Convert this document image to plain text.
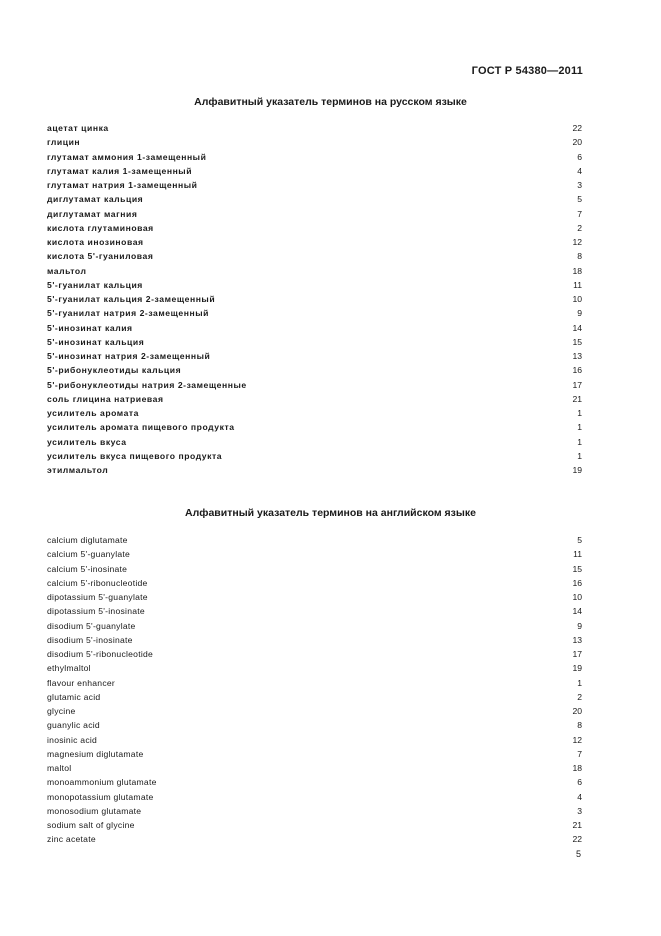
ГОСТ Р 54380—2011
Алфавитный указатель терминов на русском языке
ацетат цинка	22
глицин	20
глутамат аммония 1-замещенный	6
глутамат калия 1-замещенный	4
глутамат натрия 1-замещенный	3
диглутамат кальция	5
диглутамат магния	7
кислота глутаминовая	2
кислота инозиновая	12
кислота 5'-гуаниловая	8
мальтол	18
5'-гуанилат кальция	11
5'-гуанилат кальция 2-замещенный	10
5'-гуанилат натрия 2-замещенный	9
5'-инозинат калия	14
5'-инозинат кальция	15
5'-инозинат натрия 2-замещенный	13
5'-рибонуклеотиды кальция	16
5'-рибонуклеотиды натрия 2-замещенные	17
соль глицина натриевая	21
усилитель аромата	1
усилитель аромата пищевого продукта	1
усилитель вкуса	1
усилитель вкуса пищевого продукта	1
этилмальтол	19
Алфавитный указатель терминов на английском языке
calcium diglutamate	5
calcium 5'-guanylate	11
calcium 5'-inosinate	15
calcium 5'-ribonucleotide	16
dipotassium 5'-guanylate	10
dipotassium 5'-inosinate	14
disodium 5'-guanylate	9
disodium 5'-inosinate	13
disodium 5'-ribonucleotide	17
ethylmaltol	19
flavour enhancer	1
glutamic acid	2
glycine	20
guanylic acid	8
inosinic acid	12
magnesium diglutamate	7
maltol	18
monoammonium glutamate	6
monopotassium glutamate	4
monosodium glutamate	3
sodium salt of glycine	21
zinc acetate	22
5
